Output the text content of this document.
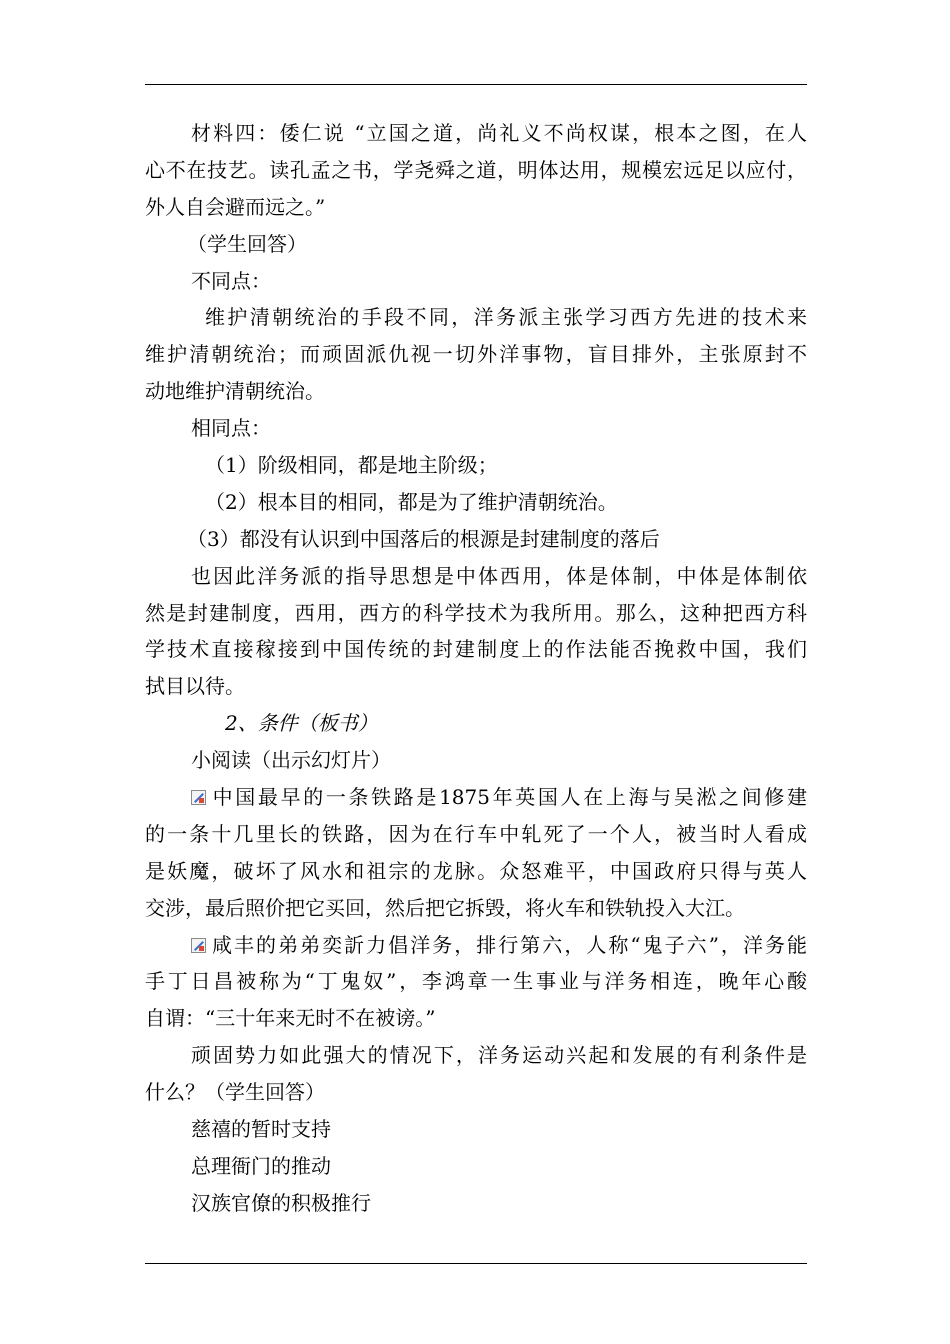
材料四：倭仁说 “立国之道，尚礼义不尚权谋，根本之图，在人
心不在技艺。读孔孟之书，学尧舜之道，明体达用，规模宏远足以应付，
外人自会避而远之。”
（学生回答）
不同点：
维护清朝统治的手段不同，洋务派主张学习西方先进的技术来
维护清朝统治；而顽固派仇视一切外洋事物，盲目排外，主张原封不
动地维护清朝统治。
相同点：
（1）阶级相同，都是地主阶级；
（2）根本目的相同，都是为了维护清朝统治。
（3）都没有认识到中国落后的根源是封建制度的落后
也因此洋务派的指导思想是中体西用，体是体制，中体是体制依
然是封建制度，西用，西方的科学技术为我所用。那么，这种把西方科
学技术直接稼接到中国传统的封建制度上的作法能否挽救中国，我们
拭目以待。
2、条件（板书）
小阅读（出示幻灯片）
中国最早的一条铁路是1875年英国人在上海与吴淞之间修建
的一条十几里长的铁路，因为在行车中轧死了一个人，被当时人看成
是妖魔，破坏了风水和祖宗的龙脉。众怒难平，中国政府只得与英人
交涉，最后照价把它买回，然后把它拆毁，将火车和铁轨投入大江。
咸丰的弟弟奕訢力倡洋务，排行第六，人称“鬼子六”，洋务能
手丁日昌被称为“丁鬼奴”，李鸿章一生事业与洋务相连，晚年心酸
自谓：“三十年来无时不在被谤。”
顽固势力如此强大的情况下，洋务运动兴起和发展的有利条件是
什么？（学生回答）
慈禧的暂时支持
总理衙门的推动
汉族官僚的积极推行
